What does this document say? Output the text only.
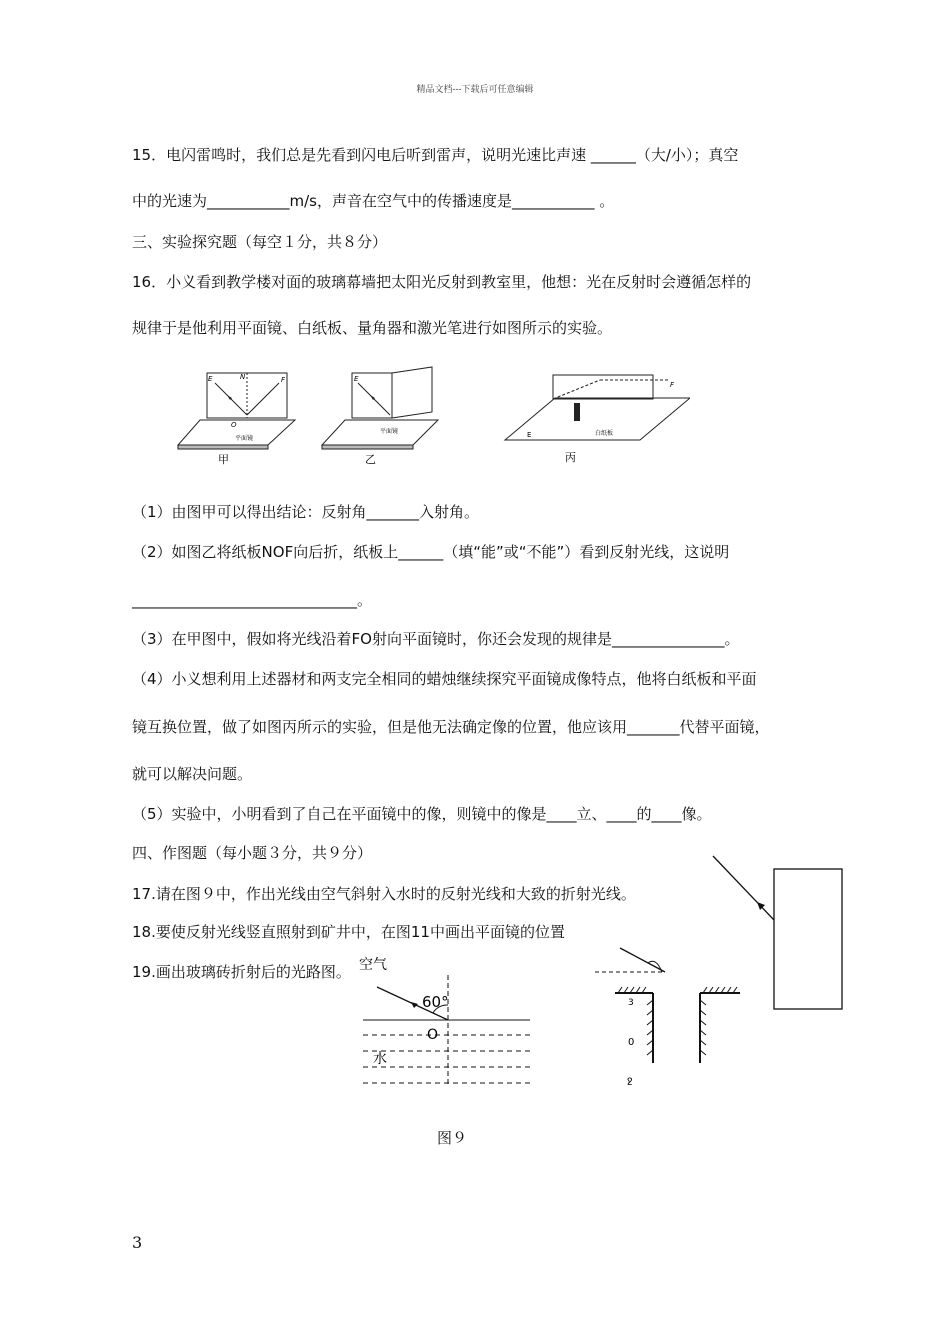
精品文档---下载后可任意编辑
15．电闪雷鸣时，我们总是先看到闪电后听到雷声，说明光速比声速 ______（大/小）；真空
中的光速为___________m/s，声音在空气中的传播速度是___________ 。
三、实验探究题（每空１分，共８分）
16．小义看到教学楼对面的玻璃幕墙把太阳光反射到教室里，他想：光在反射时会遵循怎样的
规律于是他利用平面镜、白纸板、量角器和激光笔进行如图所示的实验。
E	N	F
O
平面镜
甲
E
平面镜
乙
F
E	白纸板
丙
（1）由图甲可以得出结论：反射角_______入射角。
（2）如图乙将纸板NOF向后折，纸板上______（填“能”或“不能”）看到反射光线，这说明
______________________________。
（3）在甲图中，假如将光线沿着FO射向平面镜时，你还会发现的规律是_______________。
（4）小义想利用上述器材和两支完全相同的蜡烛继续探究平面镜成像特点，他将白纸板和平面
镜互换位置，做了如图丙所示的实验，但是他无法确定像的位置，他应该用_______代替平面镜，
就可以解决问题。
（5）实验中，小明看到了自己在平面镜中的像，则镜中的像是____立、____的____像。
四、作图题（每小题３分，共９分）
17.请在图９中，作出光线由空气斜射入水时的反射光线和大致的折射光线。
18.要使反射光线竖直照射到矿井中，在图11中画出平面镜的位置
19.画出玻璃砖折射后的光路图。 空气
60°
O
水
3
0
ջ
图９
3
